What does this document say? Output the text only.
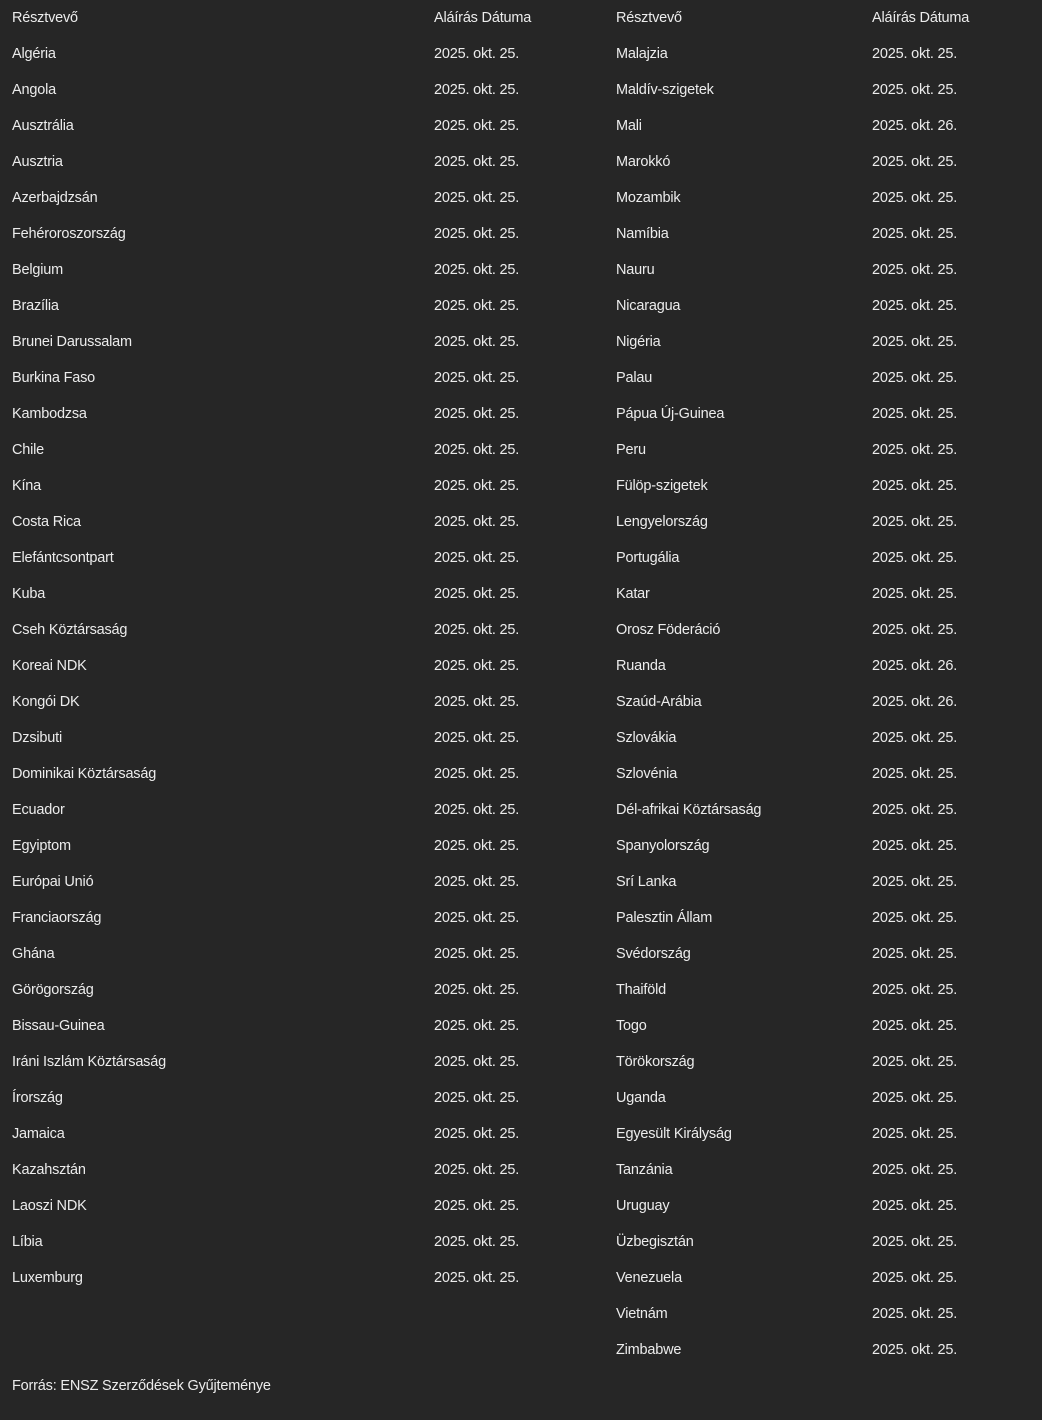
Résztvevő	Aláírás Dátuma
Algéria	2025. okt. 25.
Angola	2025. okt. 25.
Ausztrália	2025. okt. 25.
Ausztria	2025. okt. 25.
Azerbajdzsán	2025. okt. 25.
Fehéroroszország	2025. okt. 25.
Belgium	2025. okt. 25.
Brazília	2025. okt. 25.
Brunei Darussalam	2025. okt. 25.
Burkina Faso	2025. okt. 25.
Kambodzsa	2025. okt. 25.
Chile	2025. okt. 25.
Kína	2025. okt. 25.
Costa Rica	2025. okt. 25.
Elefántcsontpart	2025. okt. 25.
Kuba	2025. okt. 25.
Cseh Köztársaság	2025. okt. 25.
Koreai NDK	2025. okt. 25.
Kongói DK	2025. okt. 25.
Dzsibuti	2025. okt. 25.
Dominikai Köztársaság	2025. okt. 25.
Ecuador	2025. okt. 25.
Egyiptom	2025. okt. 25.
Európai Unió	2025. okt. 25.
Franciaország	2025. okt. 25.
Ghána	2025. okt. 25.
Görögország	2025. okt. 25.
Bissau-Guinea	2025. okt. 25.
Iráni Iszlám Köztársaság	2025. okt. 25.
Írország	2025. okt. 25.
Jamaica	2025. okt. 25.
Kazahsztán	2025. okt. 25.
Laoszi NDK	2025. okt. 25.
Líbia	2025. okt. 25.
Luxemburg	2025. okt. 25.
Résztvevő	Aláírás Dátuma
Malajzia	2025. okt. 25.
Maldív-szigetek	2025. okt. 25.
Mali	2025. okt. 26.
Marokkó	2025. okt. 25.
Mozambik	2025. okt. 25.
Namíbia	2025. okt. 25.
Nauru	2025. okt. 25.
Nicaragua	2025. okt. 25.
Nigéria	2025. okt. 25.
Palau	2025. okt. 25.
Pápua Új-Guinea	2025. okt. 25.
Peru	2025. okt. 25.
Fülöp-szigetek	2025. okt. 25.
Lengyelország	2025. okt. 25.
Portugália	2025. okt. 25.
Katar	2025. okt. 25.
Orosz Föderáció	2025. okt. 25.
Ruanda	2025. okt. 26.
Szaúd-Arábia	2025. okt. 26.
Szlovákia	2025. okt. 25.
Szlovénia	2025. okt. 25.
Dél-afrikai Köztársaság	2025. okt. 25.
Spanyolország	2025. okt. 25.
Srí Lanka	2025. okt. 25.
Palesztin Állam	2025. okt. 25.
Svédország	2025. okt. 25.
Thaiföld	2025. okt. 25.
Togo	2025. okt. 25.
Törökország	2025. okt. 25.
Uganda	2025. okt. 25.
Egyesült Királyság	2025. okt. 25.
Tanzánia	2025. okt. 25.
Uruguay	2025. okt. 25.
Üzbegisztán	2025. okt. 25.
Venezuela	2025. okt. 25.
Vietnám	2025. okt. 25.
Zimbabwe	2025. okt. 25.
Forrás: ENSZ Szerződések Gyűjteménye
